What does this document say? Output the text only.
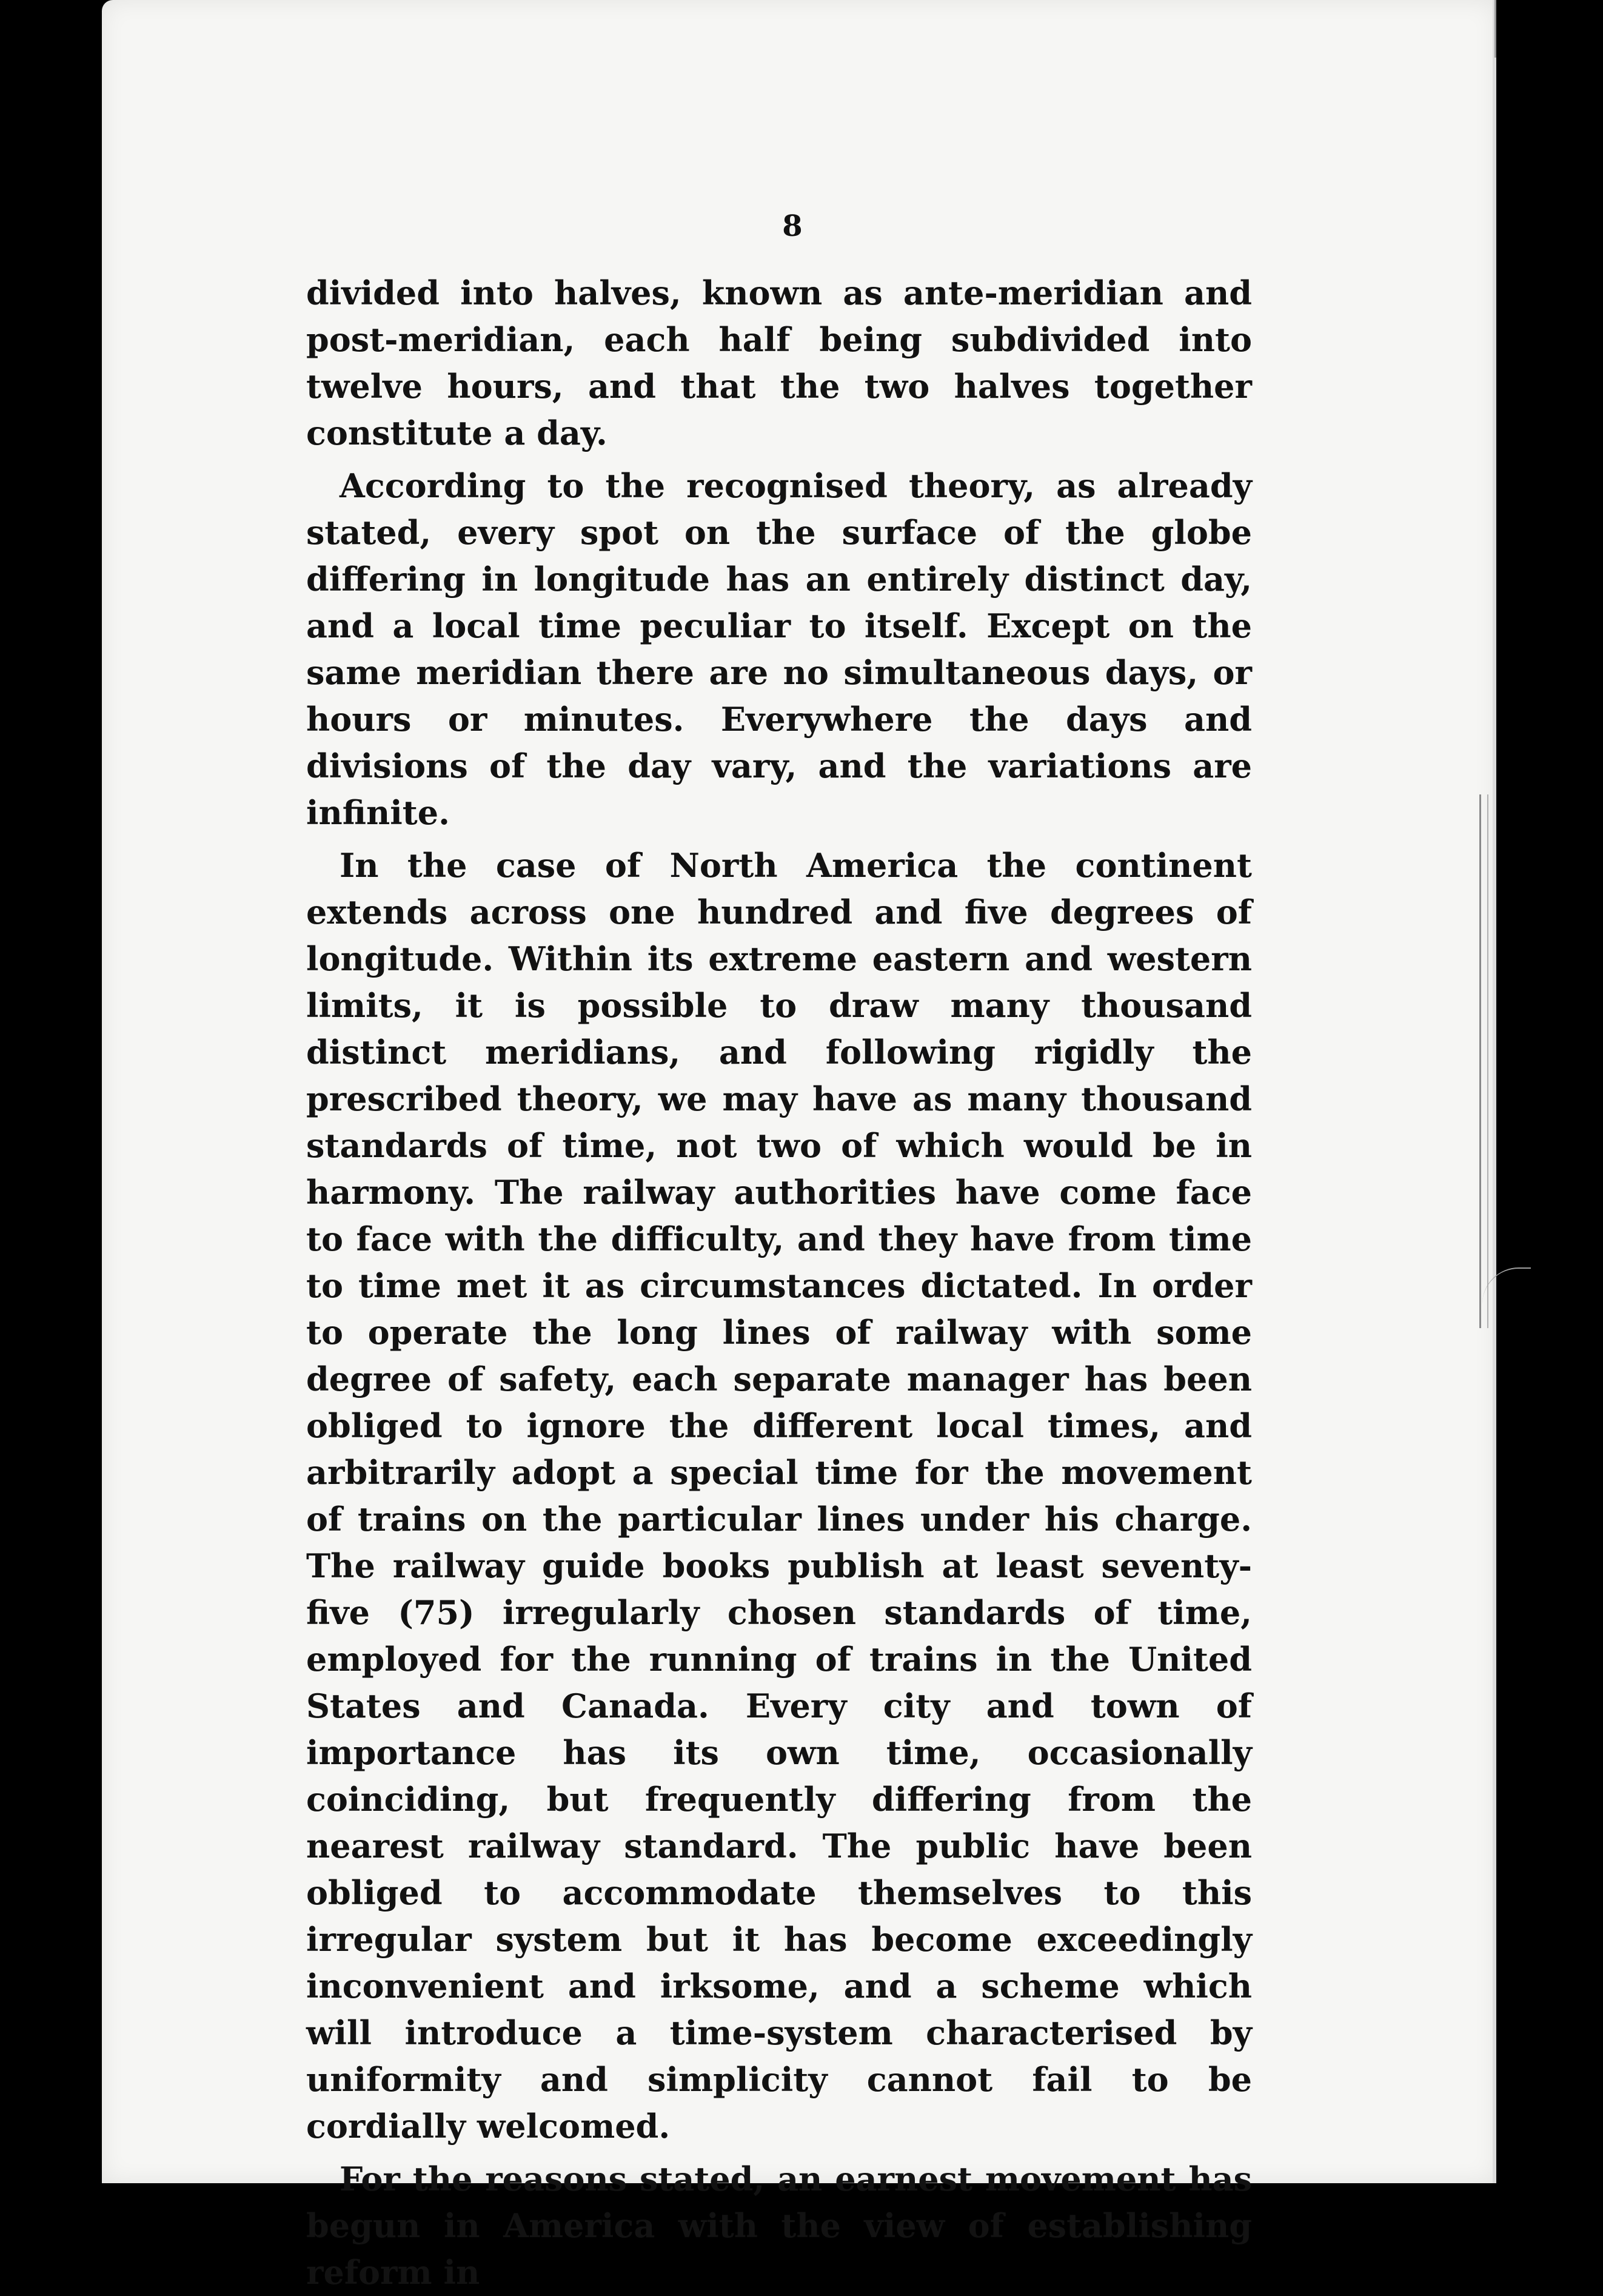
8

divided into halves, known as ante-meridian and post-meridian, each half being subdivided into twelve hours, and that the two halves together constitute a day.

According to the recognised theory, as already stated, every spot on the surface of the globe differing in longitude has an entirely distinct day, and a local time peculiar to itself. Except on the same meridian there are no simultaneous days, or hours or minutes. Everywhere the days and divisions of the day vary, and the variations are infinite.

In the case of North America the continent extends across one hundred and five degrees of longitude. Within its extreme eastern and western limits, it is possible to draw many thousand distinct meridians, and following rigidly the prescribed theory, we may have as many thousand standards of time, not two of which would be in harmony. The railway authorities have come face to face with the difficulty, and they have from time to time met it as circumstances dictated. In order to operate the long lines of railway with some degree of safety, each separate manager has been obliged to ignore the different local times, and arbitrarily adopt a special time for the movement of trains on the particular lines under his charge. The railway guide books publish at least seventy-five (75) irregularly chosen standards of time, employed for the running of trains in the United States and Canada. Every city and town of importance has its own time, occasionally coinciding, but frequently differing from the nearest railway standard. The public have been obliged to accommodate themselves to this irregular system but it has become exceedingly inconvenient and irksome, and a scheme which will introduce a time-system characterised by uniformity and simplicity cannot fail to be cordially welcomed.

For the reasons stated, an earnest movement has begun in America with the view of establishing reform in
